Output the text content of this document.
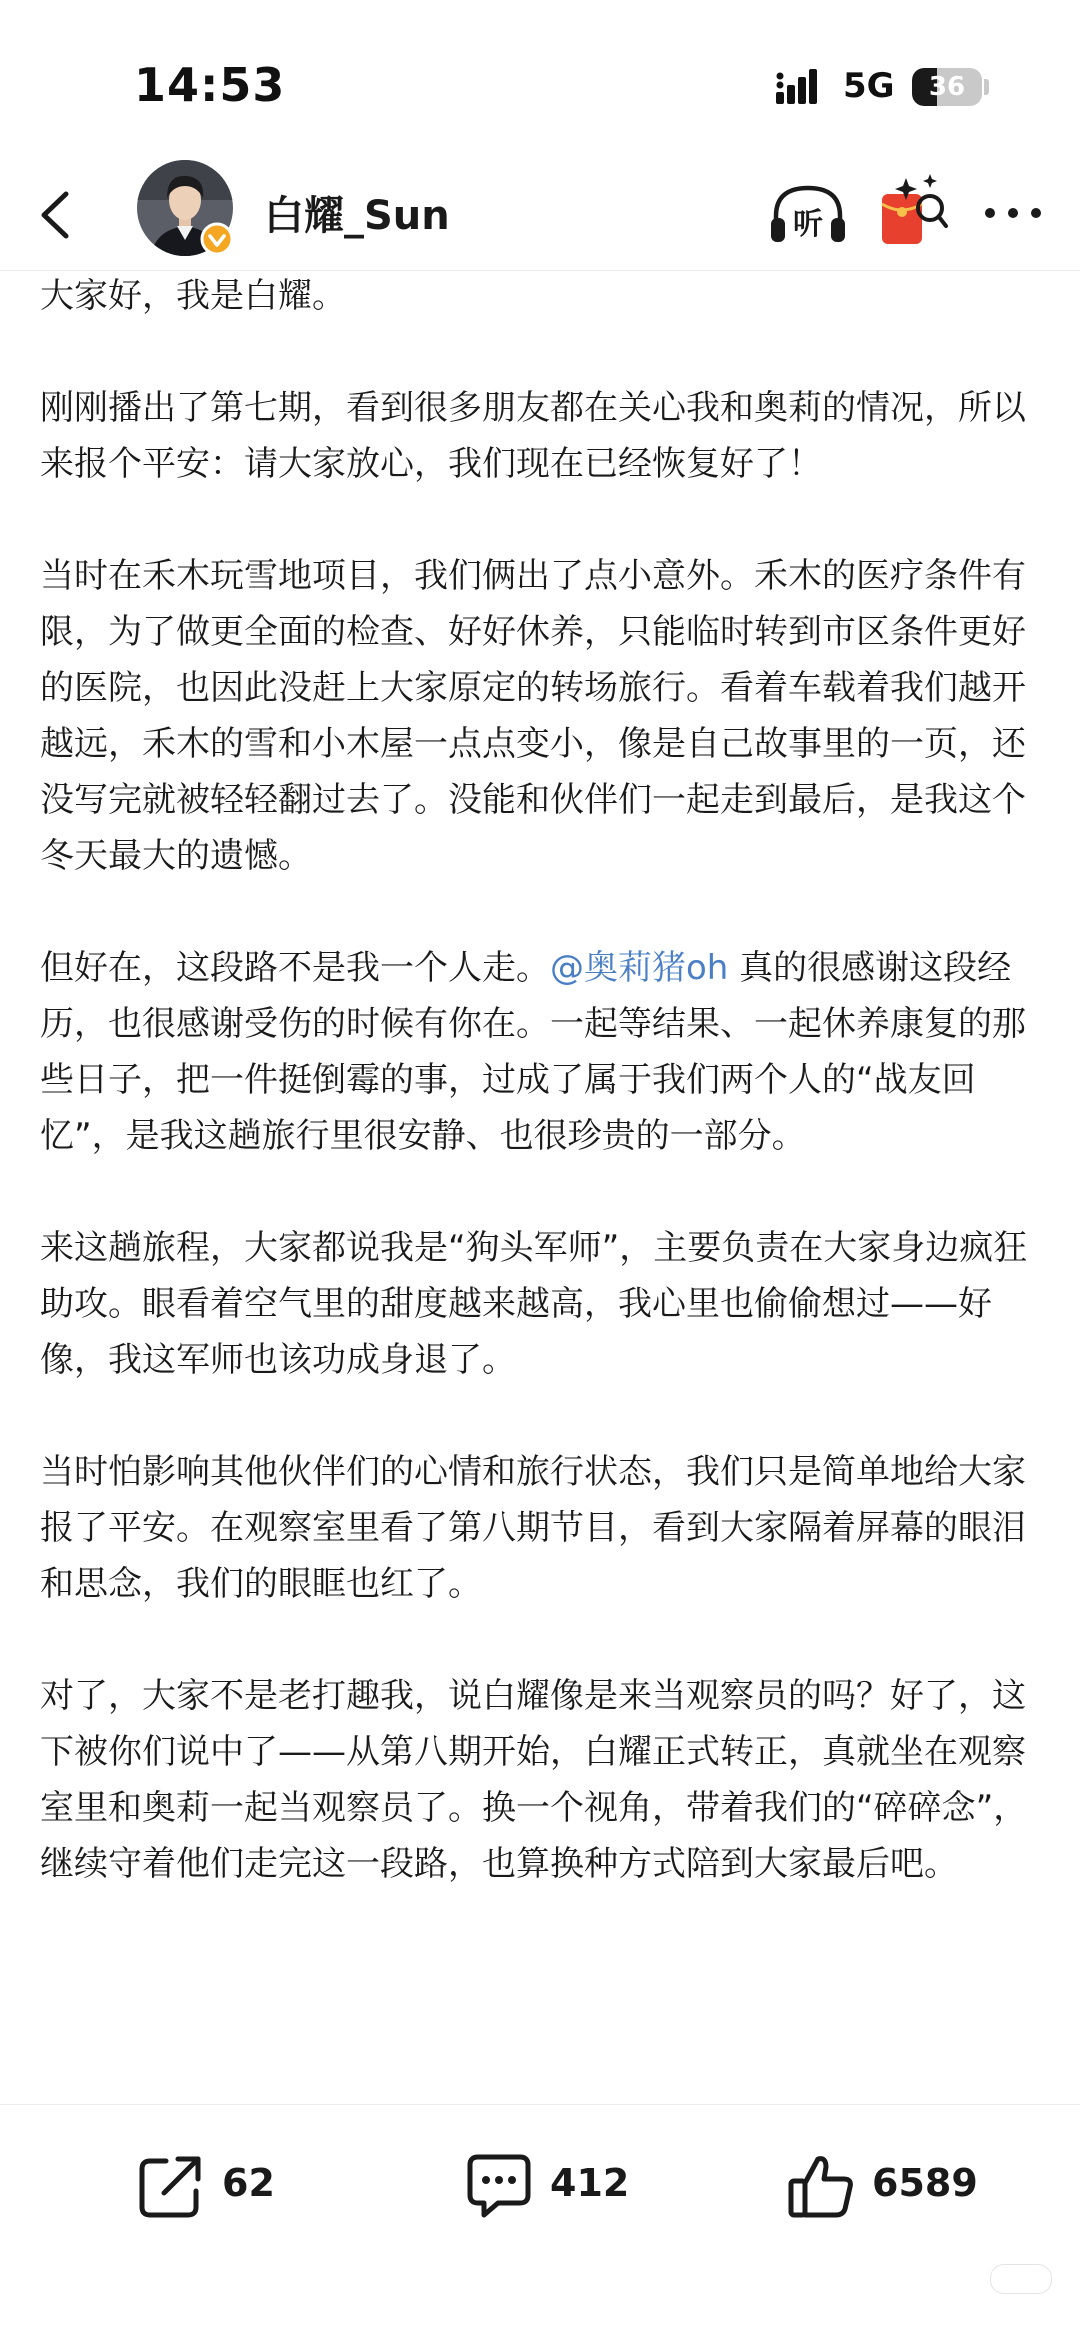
14:53	5G	36
白耀_Sun	听

大家好，我是白耀。

刚刚播出了第七期，看到很多朋友都在关心我和奥莉的情况，所以来报个平安：请大家放心，我们现在已经恢复好了！

当时在禾木玩雪地项目，我们俩出了点小意外。禾木的医疗条件有限，为了做更全面的检查、好好休养，只能临时转到市区条件更好的医院，也因此没赶上大家原定的转场旅行。看着车载着我们越开越远，禾木的雪和小木屋一点点变小，像是自己故事里的一页，还没写完就被轻轻翻过去了。没能和伙伴们一起走到最后，是我这个冬天最大的遗憾。

但好在，这段路不是我一个人走。@奥莉猪oh 真的很感谢这段经历，也很感谢受伤的时候有你在。一起等结果、一起休养康复的那些日子，把一件挺倒霉的事，过成了属于我们两个人的“战友回忆”，是我这趟旅行里很安静、也很珍贵的一部分。

来这趟旅程，大家都说我是“狗头军师”，主要负责在大家身边疯狂助攻。眼看着空气里的甜度越来越高，我心里也偷偷想过——好像，我这军师也该功成身退了。

当时怕影响其他伙伴们的心情和旅行状态，我们只是简单地给大家报了平安。在观察室里看了第八期节目，看到大家隔着屏幕的眼泪和思念，我们的眼眶也红了。

对了，大家不是老打趣我，说白耀像是来当观察员的吗？好了，这下被你们说中了——从第八期开始，白耀正式转正，真就坐在观察室里和奥莉一起当观察员了。换一个视角，带着我们的“碎碎念”，继续守着他们走完这一段路，也算换种方式陪到大家最后吧。

62	412	6589
